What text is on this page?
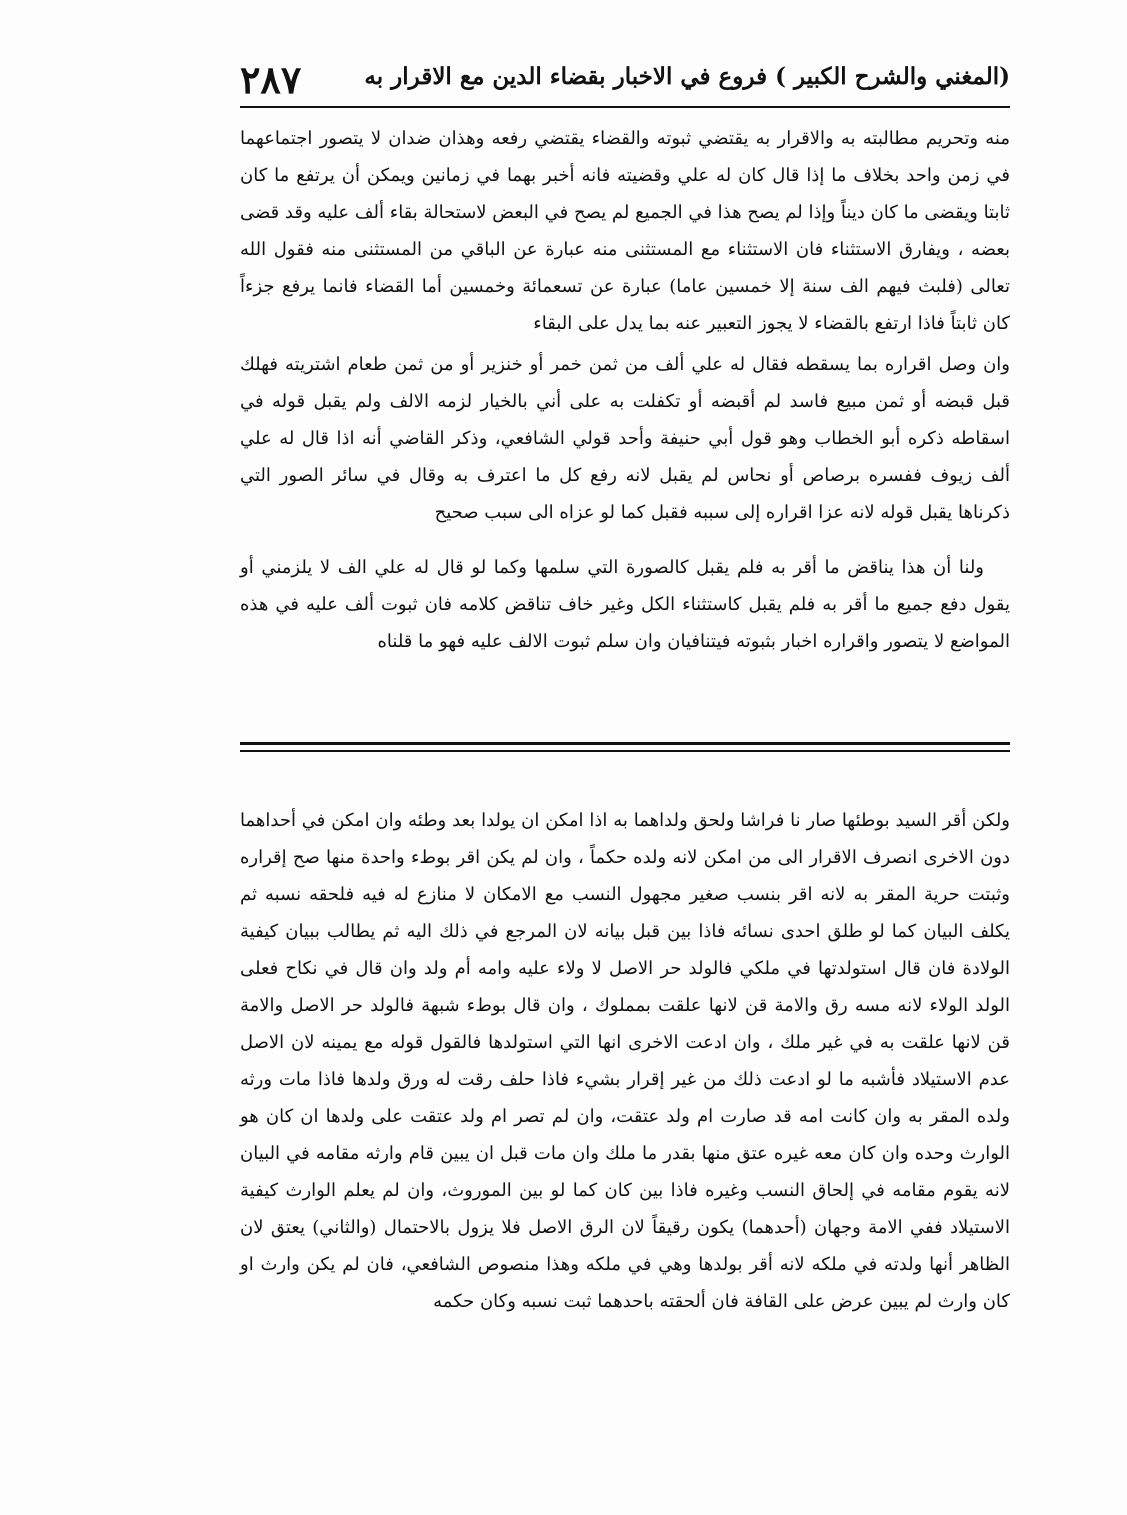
(المغني والشرح الكبير ) فروع في الاخبار بقضاء الدين مع الاقرار به
٢٨٧

منه وتحريم مطالبته به والاقرار به يقتضي ثبوته والقضاء يقتضي رفعه وهذان ضدان لا يتصور اجتماعهما في زمن واحد بخلاف ما إذا قال كان له علي وقضيته فانه أخبر بهما في زمانين ويمكن أن يرتفع ما كان ثابتا ويقضى ما كان ديناً وإذا لم يصح هذا في الجميع لم يصح في البعض لاستحالة بقاء ألف عليه وقد قضى بعضه ، ويفارق الاستثناء فان الاستثناء مع المستثنى منه عبارة عن الباقي من المستثنى منه فقول الله تعالى (فلبث فيهم الف سنة إلا خمسين عاما) عبارة عن تسعمائة وخمسين أما القضاء فانما يرفع جزءاً كان ثابتاً فاذا ارتفع بالقضاء لا يجوز التعبير عنه بما يدل على البقاء

وان وصل اقراره بما يسقطه فقال له علي ألف من ثمن خمر أو خنزير أو من ثمن طعام اشتريته فهلك قبل قبضه أو ثمن مبيع فاسد لم أقبضه أو تكفلت به على أني بالخيار لزمه الالف ولم يقبل قوله في اسقاطه ذكره أبو الخطاب وهو قول أبي حنيفة وأحد قولي الشافعي، وذكر القاضي أنه اذا قال له علي ألف زيوف ففسره برصاص أو نحاس لم يقبل لانه رفع كل ما اعترف به وقال في سائر الصور التي ذكرناها يقبل قوله لانه عزا اقراره إلى سببه فقبل كما لو عزاه الى سبب صحيح

ولنا أن هذا يناقض ما أقر به فلم يقبل كالصورة التي سلمها وكما لو قال له علي الف لا يلزمني أو يقول دفع جميع ما أقر به فلم يقبل كاستثناء الكل وغير خاف تناقض كلامه فان ثبوت ألف عليه في هذه المواضع لا يتصور واقراره اخبار بثبوته فيتنافيان وان سلم ثبوت الالف عليه فهو ما قلناه

ولكن أقر السيد بوطئها صار نا فراشا ولحق ولداهما به اذا امكن ان يولدا بعد وطئه وان امكن في أحداهما دون الاخرى انصرف الاقرار الى من امكن لانه ولده حكماً ، وان لم يكن اقر بوطء واحدة منها صح إقراره وثبتت حرية المقر به لانه اقر بنسب صغير مجهول النسب مع الامكان لا منازع له فيه فلحقه نسبه ثم يكلف البيان كما لو طلق احدى نسائه فاذا بين قبل بيانه لان المرجع في ذلك اليه ثم يطالب ببيان كيفية الولادة فان قال استولدتها في ملكي فالولد حر الاصل لا ولاء عليه وامه أم ولد وان قال في نكاح فعلى الولد الولاء لانه مسه رق والامة قن لانها علقت بمملوك ، وان قال بوطء شبهة فالولد حر الاصل والامة قن لانها علقت به في غير ملك ، وان ادعت الاخرى انها التي استولدها فالقول قوله مع يمينه لان الاصل عدم الاستيلاد فأشبه ما لو ادعت ذلك من غير إقرار بشيء فاذا حلف رقت له ورق ولدها فاذا مات ورثه ولده المقر به وان كانت امه قد صارت ام ولد عتقت، وان لم تصر ام ولد عتقت على ولدها ان كان هو الوارث وحده وان كان معه غيره عتق منها بقدر ما ملك وان مات قبل ان يبين قام وارثه مقامه في البيان لانه يقوم مقامه في إلحاق النسب وغيره فاذا بين كان كما لو بين الموروث، وان لم يعلم الوارث كيفية الاستيلاد ففي الامة وجهان (أحدهما) يكون رقيقاً لان الرق الاصل فلا يزول بالاحتمال (والثاني) يعتق لان الظاهر أنها ولدته في ملكه لانه أقر بولدها وهي في ملكه وهذا منصوص الشافعي، فان لم يكن وارث او كان وارث لم يبين عرض على القافة فان ألحقته باحدهما ثبت نسبه وكان حكمه
